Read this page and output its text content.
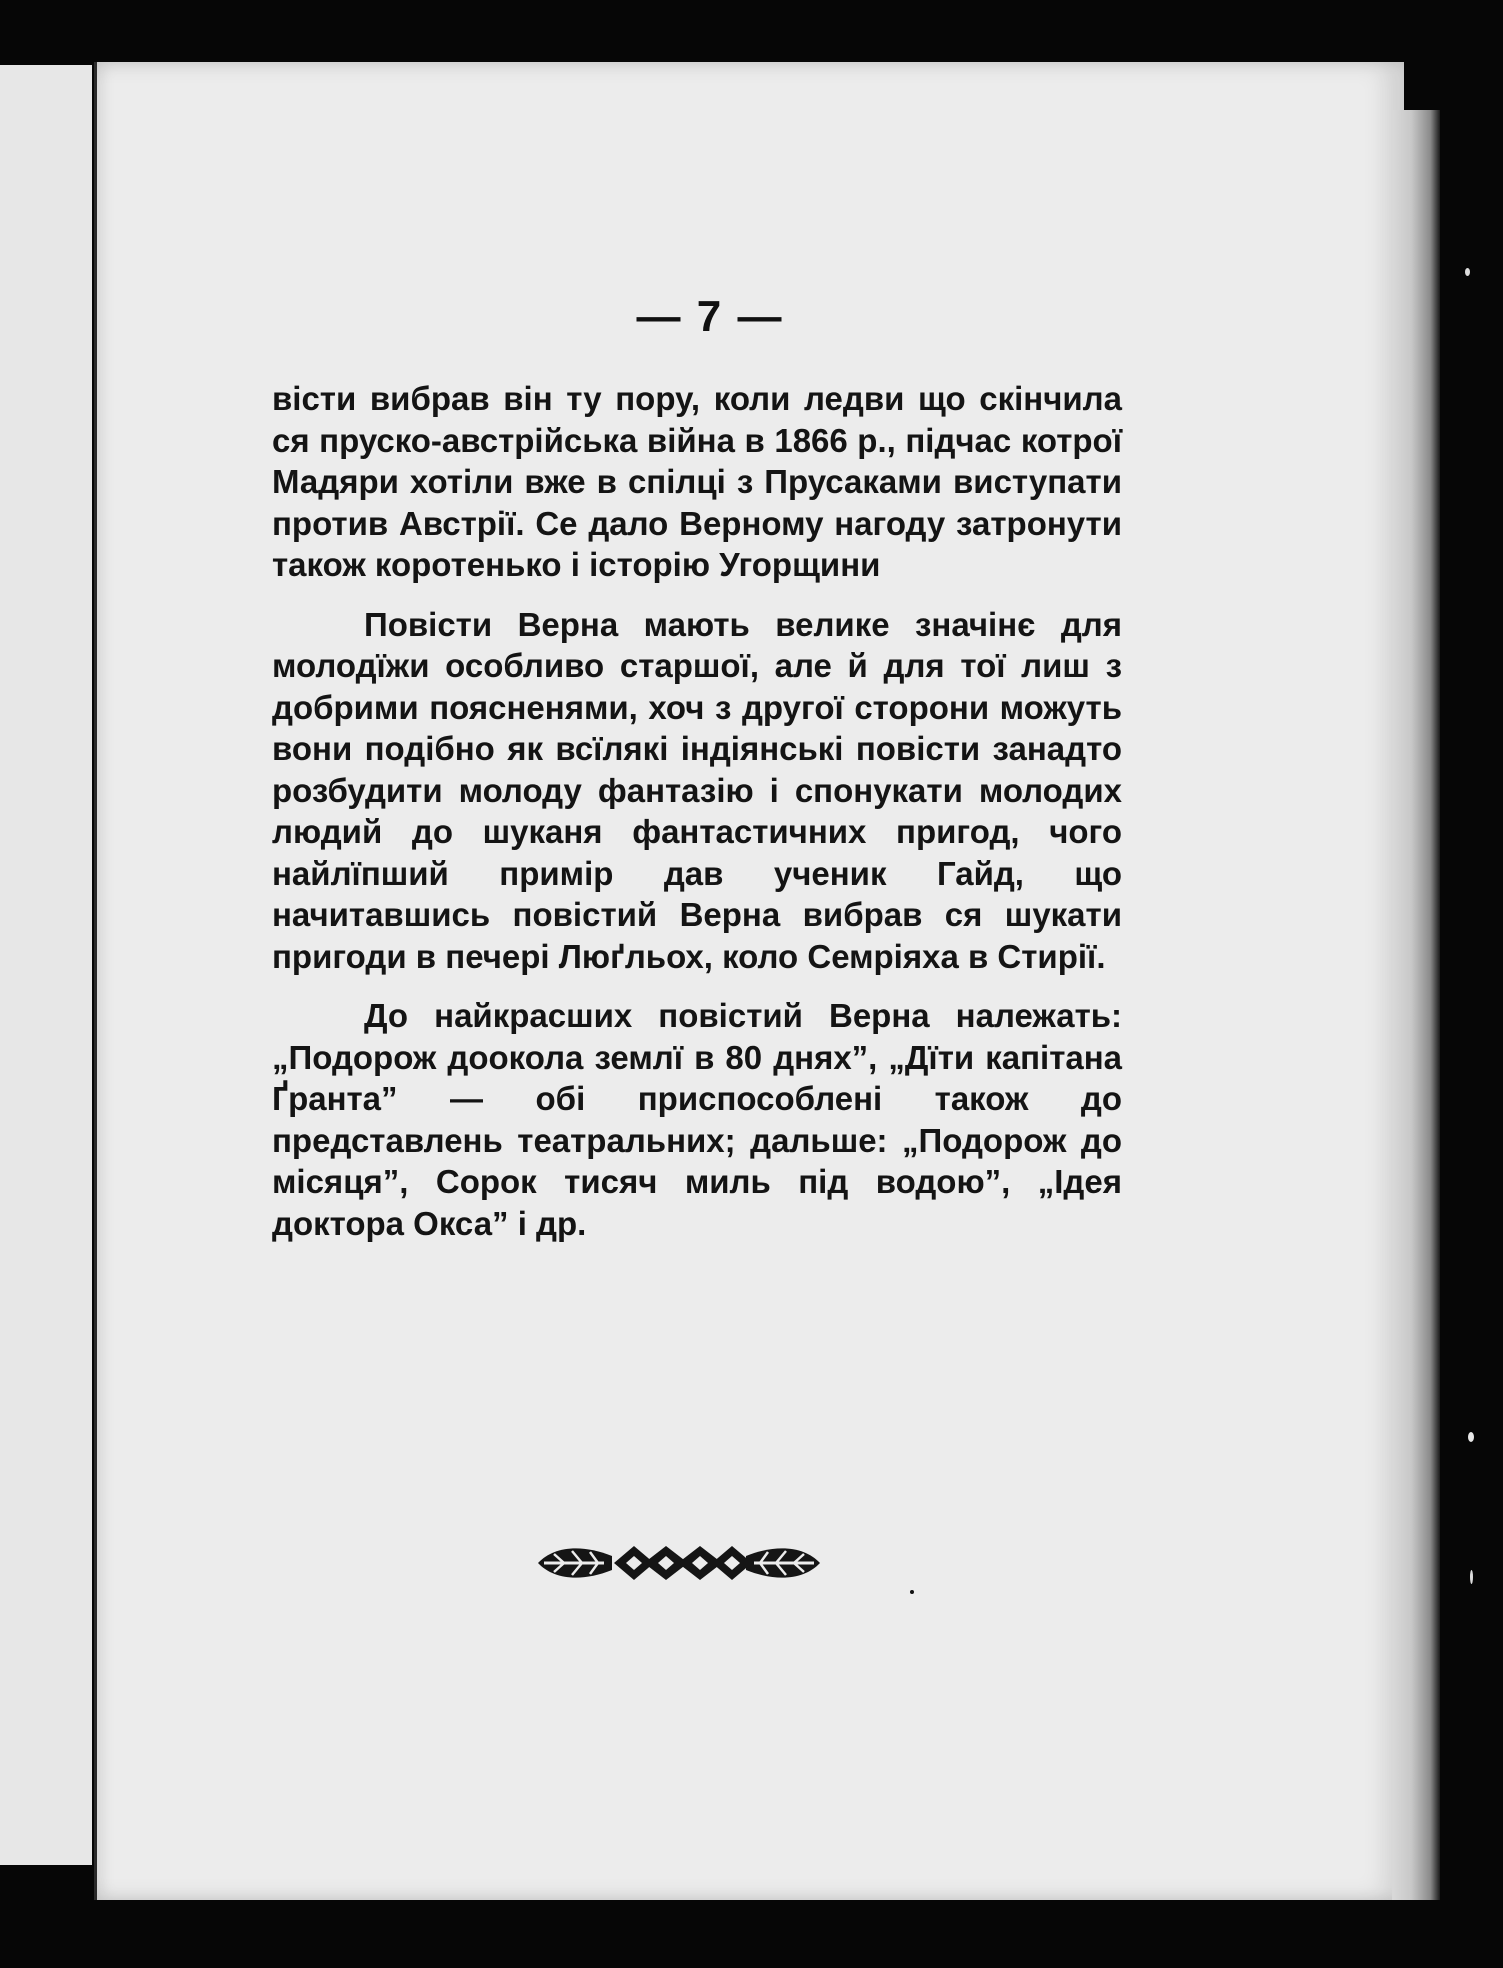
— 7 —

вісти вибрав він ту пору, коли ледви що скінчила ся пруско-австрійська війна в 1866 р., підчас котрої Мадяри хотіли вже в спілці з Прусаками виступати против Австрії. Се дало Верному нагоду затронути також коротенько і історію Угорщини

Повісти Верна мають велике значінє для молодїжи особливо старшої, але й для тої лиш з добрими поясненями, хоч з другої сторони можуть вони подібно як всїлякі індіянські повісти занадто розбудити молоду фантазію і спонукати молодих людий до шуканя фантастичних пригод, чого найлїпший примір дав ученик Гайд, що начитавшись повістий Верна вибрав ся шукати пригоди в печері Люґльох, коло Семріяха в Стирії.

До найкрасших повістий Верна належать: „Подорож доокола землї в 80 днях”, „Дїти капітана Ґранта” — обі приспособлені також до представлень театральних; дальше: „Подорож до місяця”, Сорок тисяч миль під водою”, „Ідея доктора Окса” і др.
